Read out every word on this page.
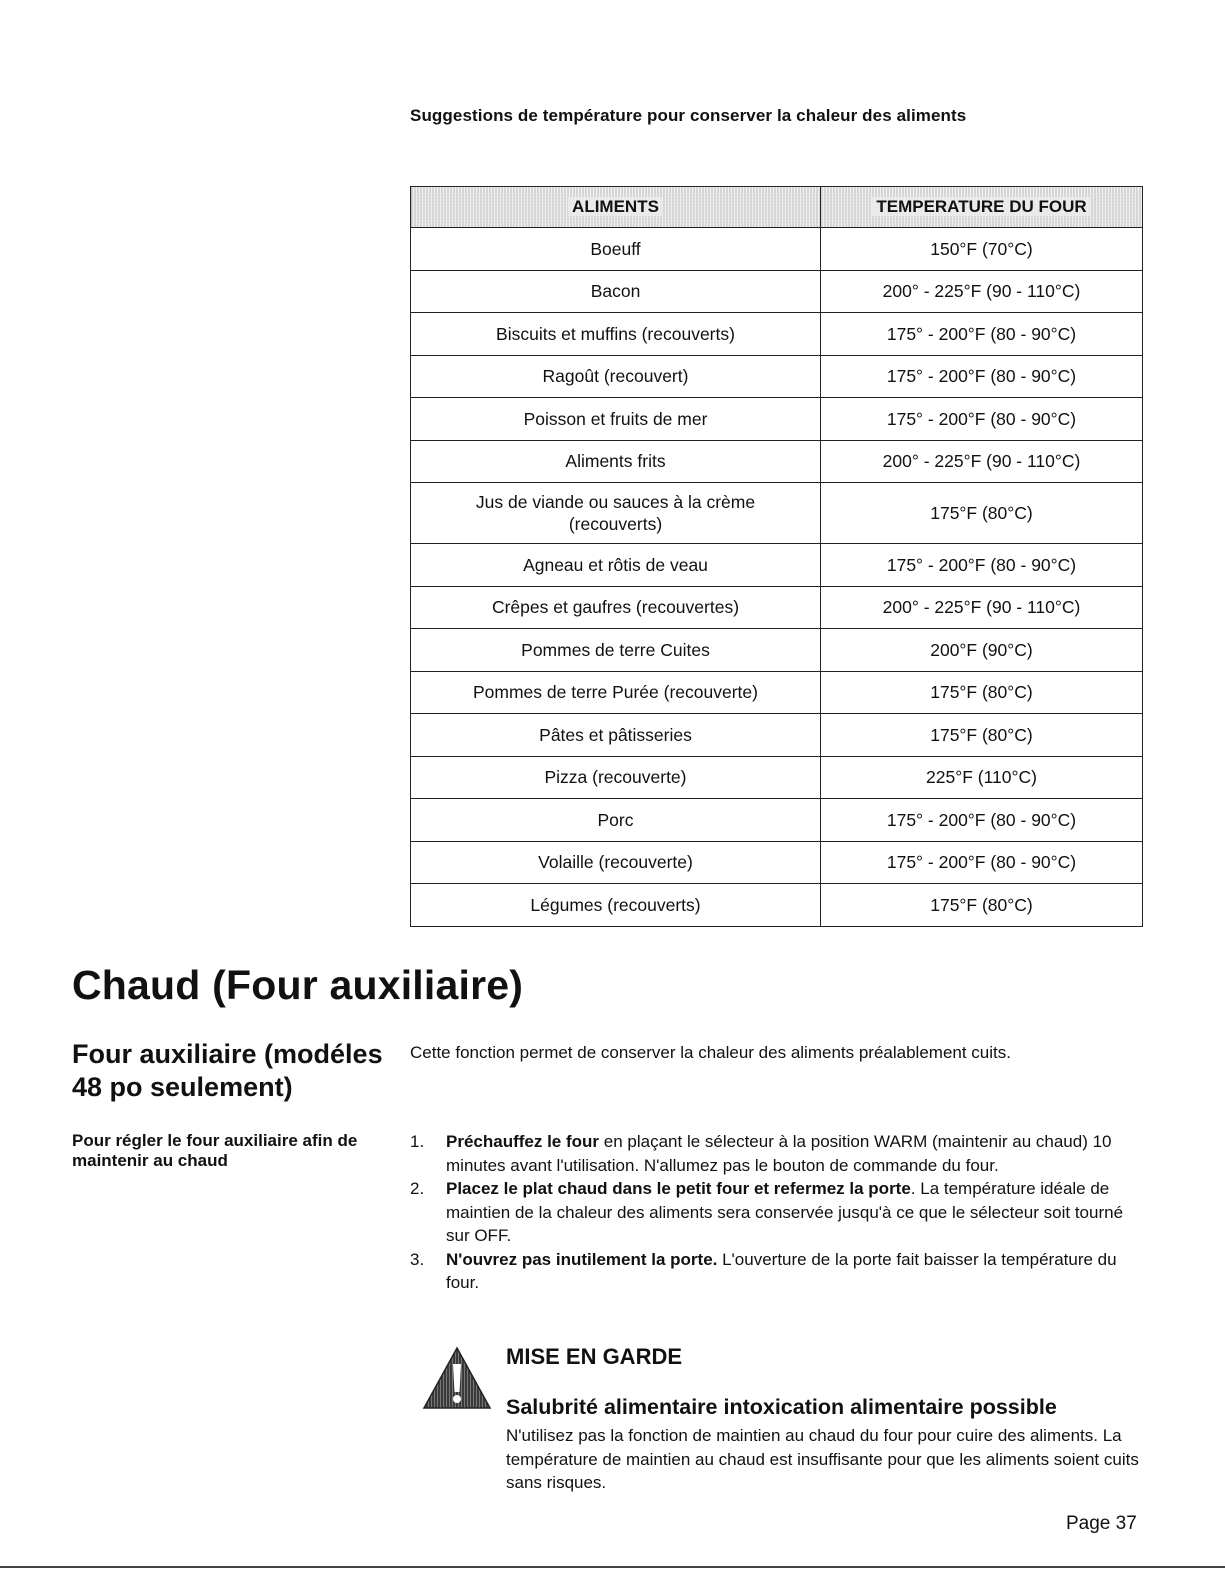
Suggestions de température pour conserver la chaleur des aliments
ALIMENTS	TEMPERATURE DU FOUR
Boeuff	150°F (70°C)
Bacon	200° - 225°F (90 - 110°C)
Biscuits et muffins (recouverts)	175° - 200°F (80 - 90°C)
Ragoût (recouvert)	175° - 200°F (80 - 90°C)
Poisson et fruits de mer	175° - 200°F (80 - 90°C)
Aliments frits	200° - 225°F (90 - 110°C)
Jus de viande ou sauces à la crème (recouverts)	175°F (80°C)
Agneau et rôtis de veau	175° - 200°F (80 - 90°C)
Crêpes et gaufres (recouvertes)	200° - 225°F (90 - 110°C)
Pommes de terre Cuites	200°F (90°C)
Pommes de terre Purée (recouverte)	175°F (80°C)
Pâtes et pâtisseries	175°F (80°C)
Pizza (recouverte)	225°F (110°C)
Porc	175° - 200°F (80 - 90°C)
Volaille (recouverte)	175° - 200°F (80 - 90°C)
Légumes (recouverts)	175°F (80°C)
Chaud (Four auxiliaire)
Four auxiliaire (modéles 48 po seulement)
Cette fonction permet de conserver la chaleur des aliments préalablement cuits.
Pour régler le four auxiliaire afin de maintenir au chaud

1. Préchauffez le four en plaçant le sélecteur à la position WARM (maintenir au chaud) 10 minutes avant l'utilisation. N'allumez pas le bouton de commande du four.

2. Placez le plat chaud dans le petit four et refermez la porte. La température idéale de maintien de la chaleur des aliments sera conservée jusqu'à ce que le sélecteur soit tourné sur OFF.

3. N'ouvrez pas inutilement la porte. L'ouverture de la porte fait baisser la température du four.

MISE EN GARDE
Salubrité alimentaire intoxication alimentaire possible
N'utilisez pas la fonction de maintien au chaud du four pour cuire des aliments. La température de maintien au chaud est insuffisante pour que les aliments soient cuits sans risques.
Page 37
